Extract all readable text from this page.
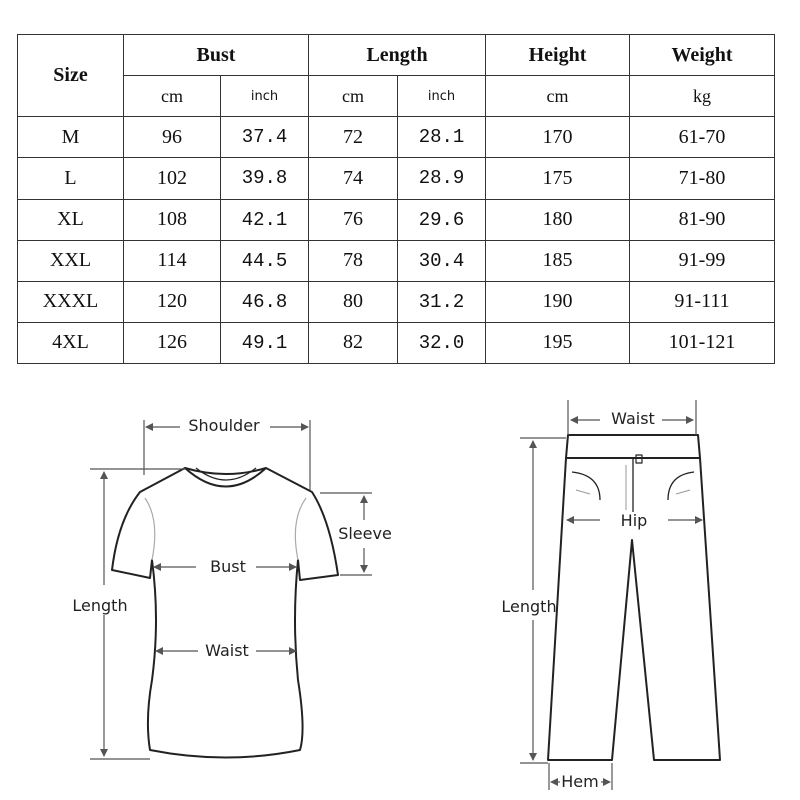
Size	Bust		Length		Height	Weight
	cm	inch	cm	inch	cm	kg
M	96	37.4	72	28.1	170	61-70
L	102	39.8	74	28.9	175	71-80
XL	108	42.1	76	29.6	180	81-90
XXL	114	44.5	78	30.4	185	91-99
XXXL	120	46.8	80	31.2	190	91-111
4XL	126	49.1	82	32.0	195	101-121
Shoulder
Sleeve
Bust
Length
Waist
Waist
Hip
Length
Hem
